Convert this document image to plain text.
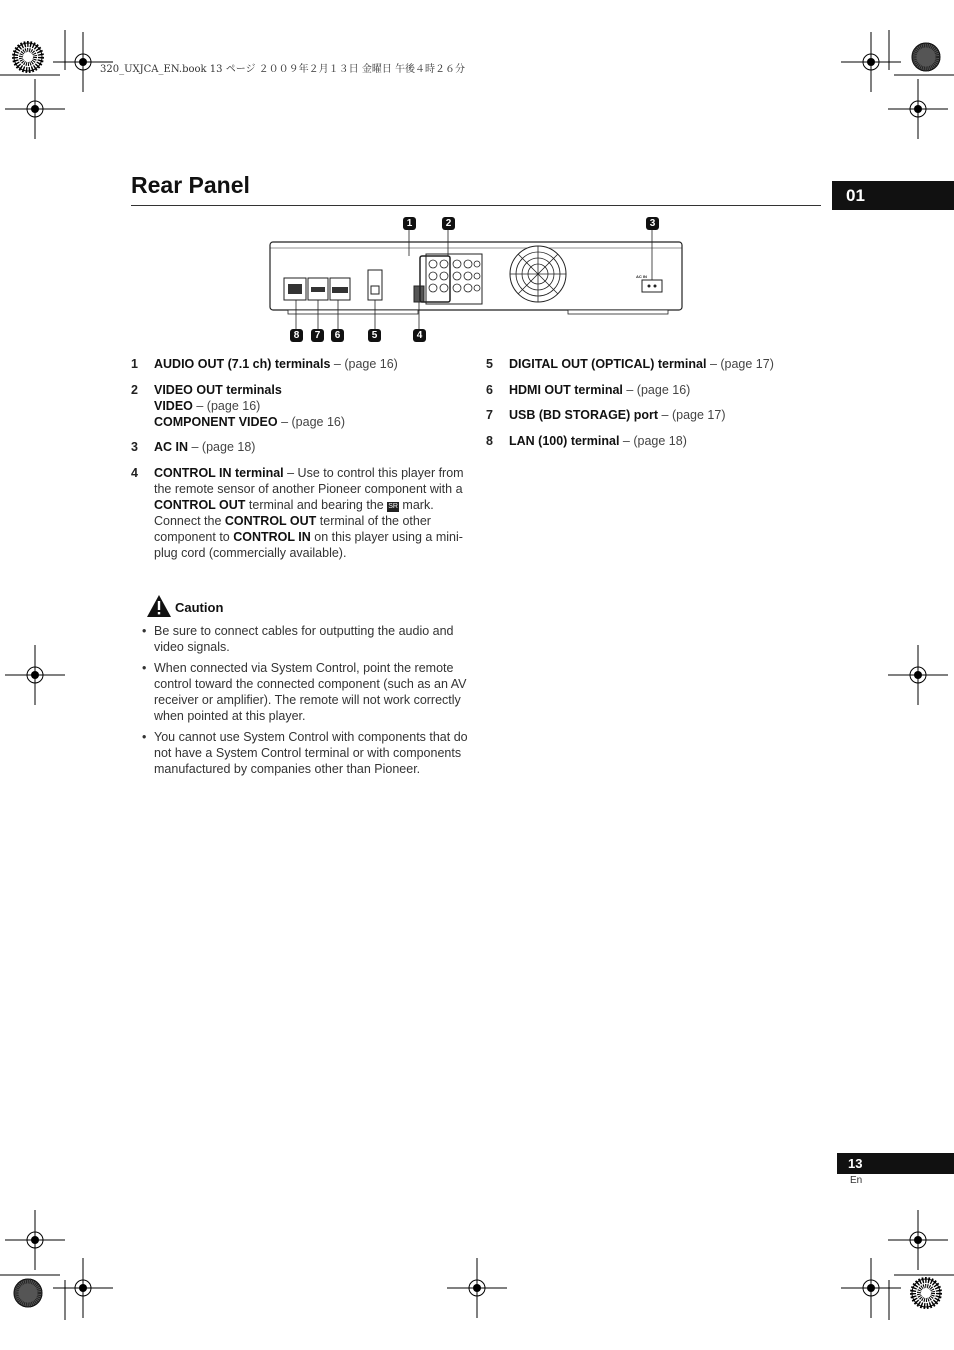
320_UXJCA_EN.book 13 ページ ２００９年２月１３日 金曜日 午後４時２６分
Rear Panel	01
AC IN
1	2	3
8	7	6	5	4
1 AUDIO OUT (7.1 ch) terminals – (page 16)
2 VIDEO OUT terminals
VIDEO – (page 16)
COMPONENT VIDEO – (page 16)
3 AC IN – (page 18)
4 CONTROL IN terminal – Use to control this player from the remote sensor of another Pioneer component with a CONTROL OUT terminal and bearing the SR mark. Connect the CONTROL OUT terminal of the other component to CONTROL IN on this player using a mini-plug cord (commercially available).
Caution
• Be sure to connect cables for outputting the audio and video signals.
• When connected via System Control, point the remote control toward the connected component (such as an AV receiver or amplifier). The remote will not work correctly when pointed at this player.
• You cannot use System Control with components that do not have a System Control terminal or with components manufactured by companies other than Pioneer.
5 DIGITAL OUT (OPTICAL) terminal – (page 17)
6 HDMI OUT terminal – (page 16)
7 USB (BD STORAGE) port – (page 17)
8 LAN (100) terminal – (page 18)
13
En
